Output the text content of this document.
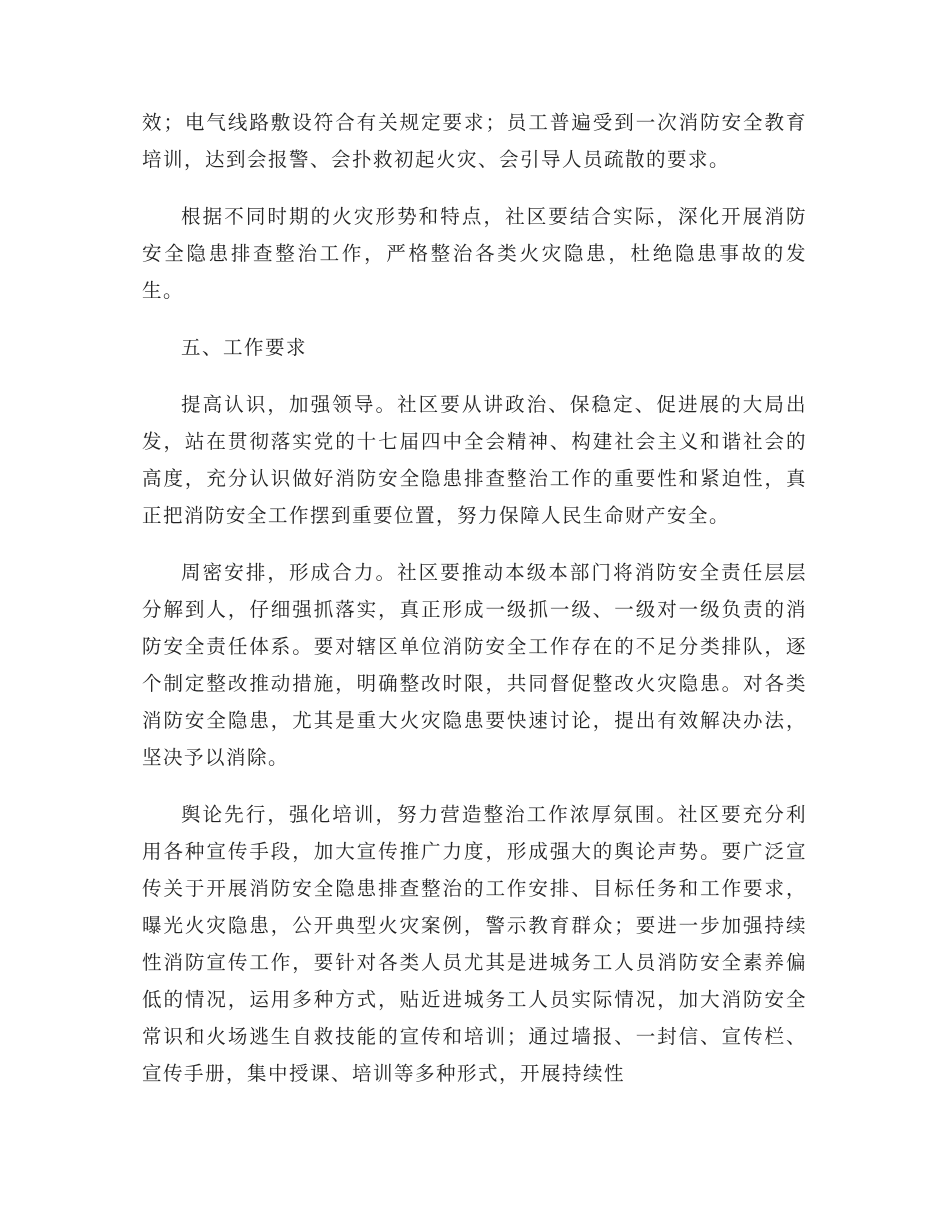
效；电气线路敷设符合有关规定要求；员工普遍受到一次消防安全教育培训，达到会报警、会扑救初起火灾、会引导人员疏散的要求。

根据不同时期的火灾形势和特点，社区要结合实际，深化开展消防安全隐患排查整治工作，严格整治各类火灾隐患，杜绝隐患事故的发生。

五、工作要求

提高认识，加强领导。社区要从讲政治、保稳定、促进展的大局出发，站在贯彻落实党的十七届四中全会精神、构建社会主义和谐社会的高度，充分认识做好消防安全隐患排查整治工作的重要性和紧迫性，真正把消防安全工作摆到重要位置，努力保障人民生命财产安全。

周密安排，形成合力。社区要推动本级本部门将消防安全责任层层分解到人，仔细强抓落实，真正形成一级抓一级、一级对一级负责的消防安全责任体系。要对辖区单位消防安全工作存在的不足分类排队，逐个制定整改推动措施，明确整改时限，共同督促整改火灾隐患。对各类消防安全隐患，尤其是重大火灾隐患要快速讨论，提出有效解决办法，坚决予以消除。

舆论先行，强化培训，努力营造整治工作浓厚氛围。社区要充分利用各种宣传手段，加大宣传推广力度，形成强大的舆论声势。要广泛宣传关于开展消防安全隐患排查整治的工作安排、目标任务和工作要求，曝光火灾隐患，公开典型火灾案例，警示教育群众；要进一步加强持续性消防宣传工作，要针对各类人员尤其是进城务工人员消防安全素养偏低的情况，运用多种方式，贴近进城务工人员实际情况，加大消防安全常识和火场逃生自救技能的宣传和培训；通过墙报、一封信、宣传栏、宣传手册，集中授课、培训等多种形式，开展持续性
